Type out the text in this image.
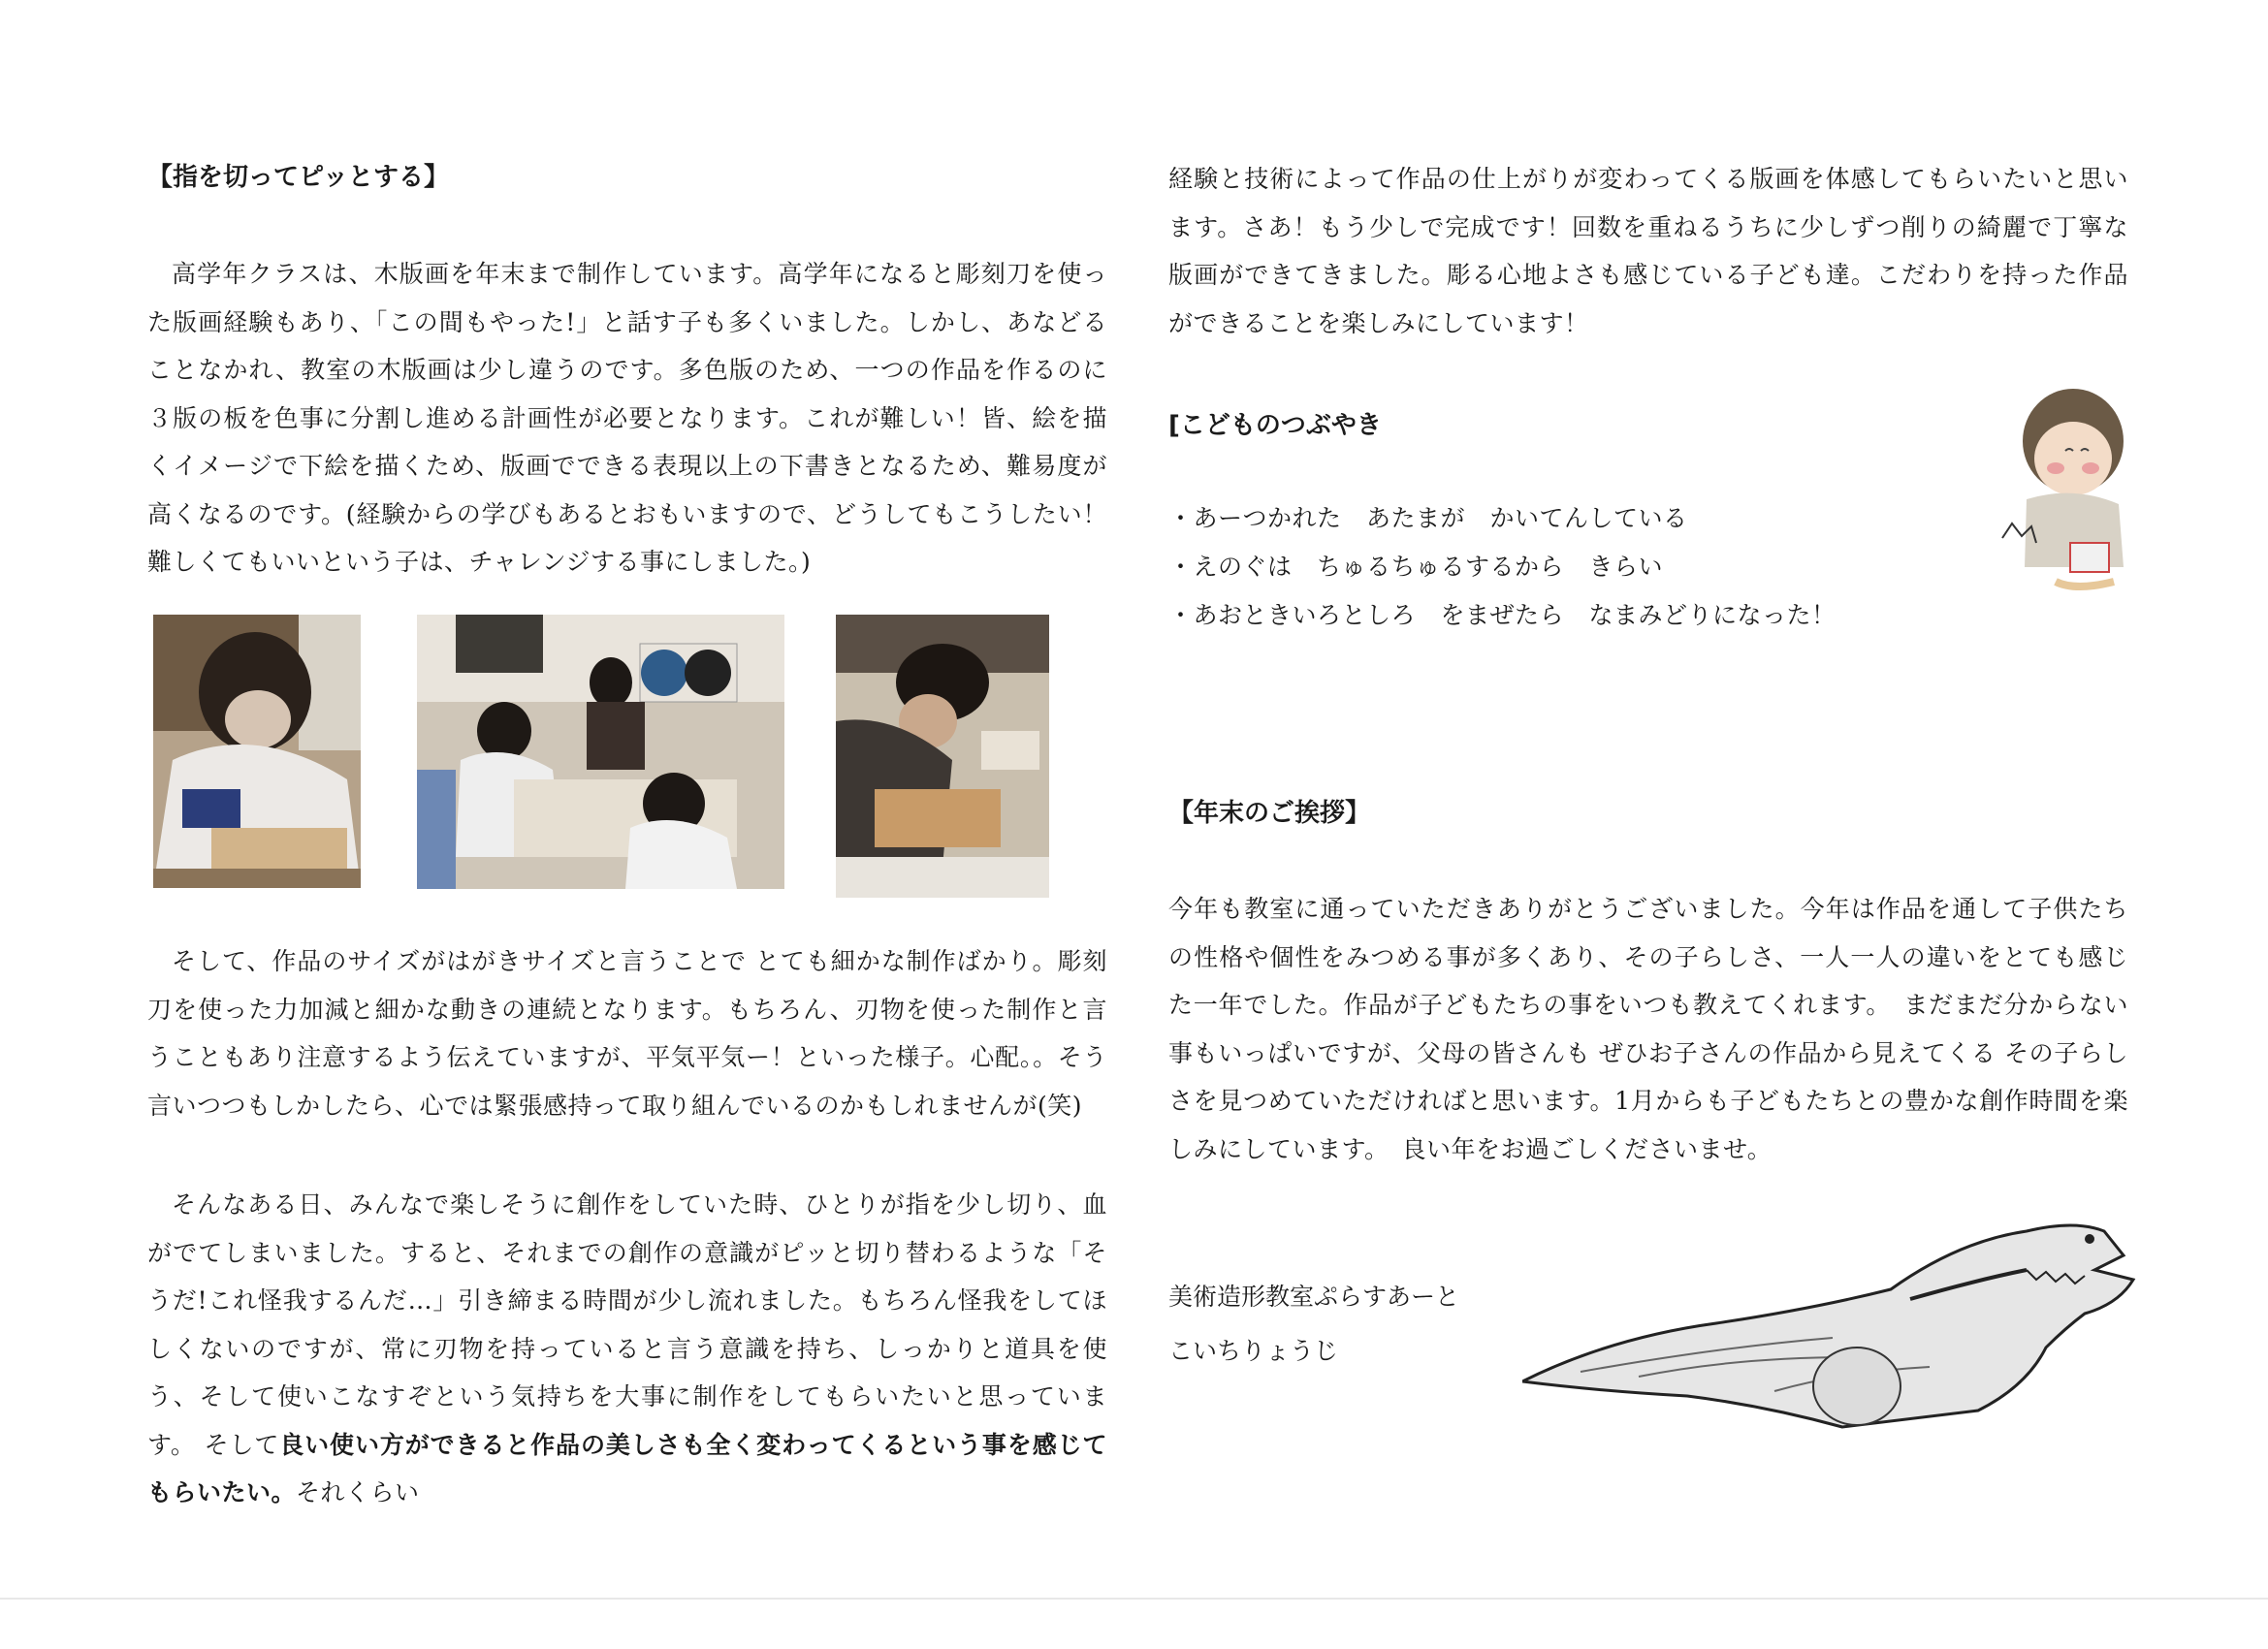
【指を切ってピッとする】

高学年クラスは、木版画を年末まで制作しています。高学年になると彫刻刀を使った版画経験もあり、「この間もやった!」と話す子も多くいました。しかし、あなどることなかれ、教室の木版画は少し違うのです。多色版のため、一つの作品を作るのに３版の板を色事に分割し進める計画性が必要となります。これが難しい！皆、絵を描くイメージで下絵を描くため、版画でできる表現以上の下書きとなるため、難易度が高くなるのです。(経験からの学びもあるとおもいますので、どうしてもこうしたい！難しくてもいいという子は、チャレンジする事にしました。)

そして、作品のサイズがはがきサイズと言うことで とても細かな制作ばかり。彫刻刀を使った力加減と細かな動きの連続となります。もちろん、刃物を使った制作と言うこともあり注意するよう伝えていますが、平気平気ー！といった様子。心配。。そう言いつつもしかしたら、心では緊張感持って取り組んでいるのかもしれませんが(笑)

そんなある日、みんなで楽しそうに創作をしていた時、ひとりが指を少し切り、血がでてしまいました。すると、それまでの創作の意識がピッと切り替わるような「そうだ!これ怪我するんだ…」引き締まる時間が少し流れました。もちろん怪我をしてほしくないのですが、常に刃物を持っていると言う意識を持ち、しっかりと道具を使う、そして使いこなすぞという気持ちを大事に制作をしてもらいたいと思っています。 そして良い使い方ができると作品の美しさも全く変わってくるという事を感じてもらいたい。それくらい

経験と技術によって作品の仕上がりが変わってくる版画を体感してもらいたいと思います。さあ！もう少しで完成です！回数を重ねるうちに少しずつ削りの綺麗で丁寧な版画ができてきました。彫る心地よさも感じている子ども達。こだわりを持った作品ができることを楽しみにしています！

[こどものつぶやき
・あーつかれた　あたまが　かいてんしている
・えのぐは　ちゅるちゅるするから　きらい
・あおときいろとしろ　をまぜたら　なまみどりになった！
【年末のご挨拶】

今年も教室に通っていただきありがとうございました。今年は作品を通して子供たちの性格や個性をみつめる事が多くあり、その子らしさ、一人一人の違いをとても感じた一年でした。作品が子どもたちの事をいつも教えてくれます。　まだまだ分からない事もいっぱいですが、父母の皆さんも ぜひお子さんの作品から見えてくる その子らしさを見つめていただければと思います。1月からも子どもたちとの豊かな創作時間を楽しみにしています。　良い年をお過ごしくださいませ。

美術造形教室ぷらすあーと
こいちりょうじ
